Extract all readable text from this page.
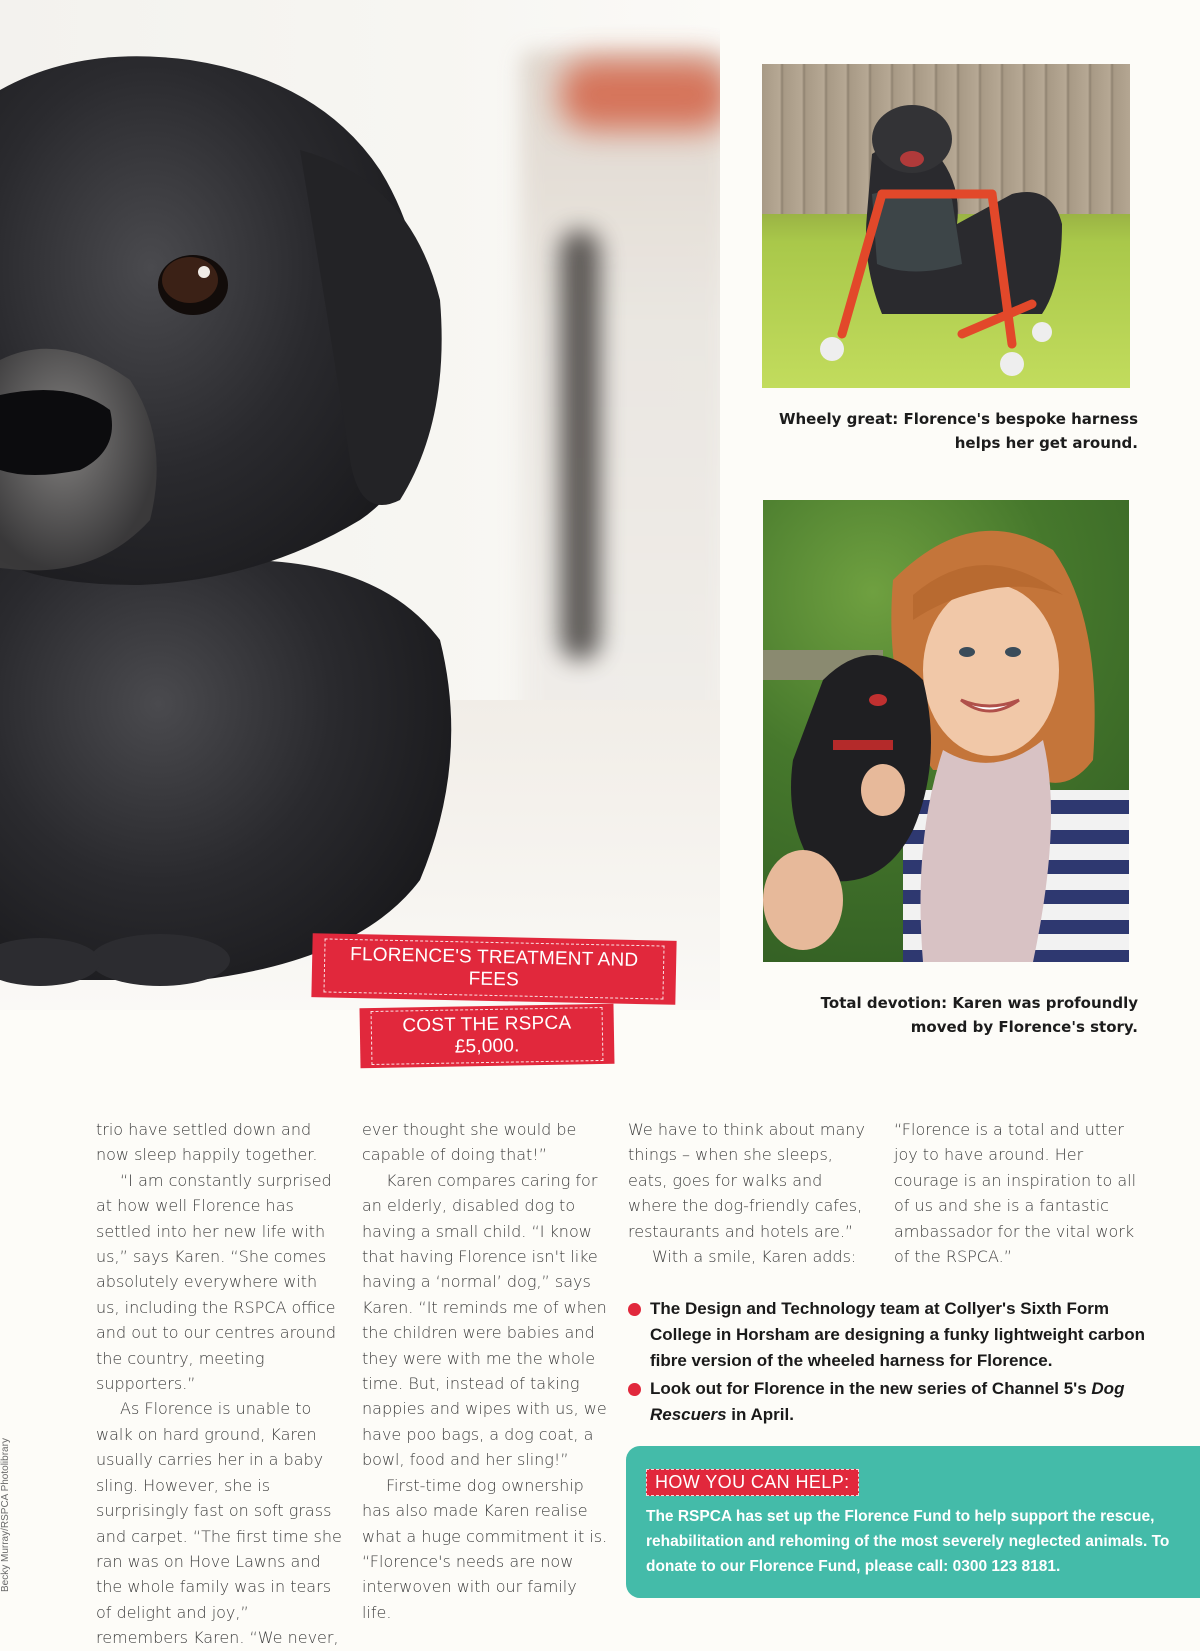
Wheely great: Florence's bespoke harness helps her get around.
Total devotion: Karen was profoundly moved by Florence's story.
FLORENCE'S TREATMENT AND FEES
COST THE RSPCA £5,000.

trio have settled down and now sleep happily together.

“I am constantly surprised at how well Florence has settled into her new life with us,” says Karen. “She comes absolutely everywhere with us, including the RSPCA office and out to our centres around the country, meeting supporters.”

As Florence is unable to walk on hard ground, Karen usually carries her in a baby sling. However, she is surprisingly fast on soft grass and carpet. “The first time she ran was on Hove Lawns and the whole family was in tears of delight and joy,” remembers Karen. “We never,

ever thought she would be capable of doing that!”

Karen compares caring for an elderly, disabled dog to having a small child. “I know that having Florence isn't like having a ‘normal’ dog,” says Karen. “It reminds me of when the children were babies and they were with me the whole time. But, instead of taking nappies and wipes with us, we have poo bags, a dog coat, a bowl, food and her sling!”

First-time dog ownership has also made Karen realise what a huge commitment it is. “Florence's needs are now interwoven with our family life.

We have to think about many things – when she sleeps, eats, goes for walks and where the dog-friendly cafes, restaurants and hotels are.”

With a smile, Karen adds:

“Florence is a total and utter joy to have around. Her courage is an inspiration to all of us and she is a fantastic ambassador for the vital work of the RSPCA.”

The Design and Technology team at Collyer's Sixth Form College in Horsham are designing a funky lightweight carbon fibre version of the wheeled harness for Florence.
Look out for Florence in the new series of Channel 5's Dog Rescuers in April.
HOW YOU CAN HELP:
The RSPCA has set up the Florence Fund to help support the rescue, rehabilitation and rehoming of the most severely neglected animals. To donate to our Florence Fund, please call: 0300 123 8181.
Becky Murray/RSPCA Photolibrary
